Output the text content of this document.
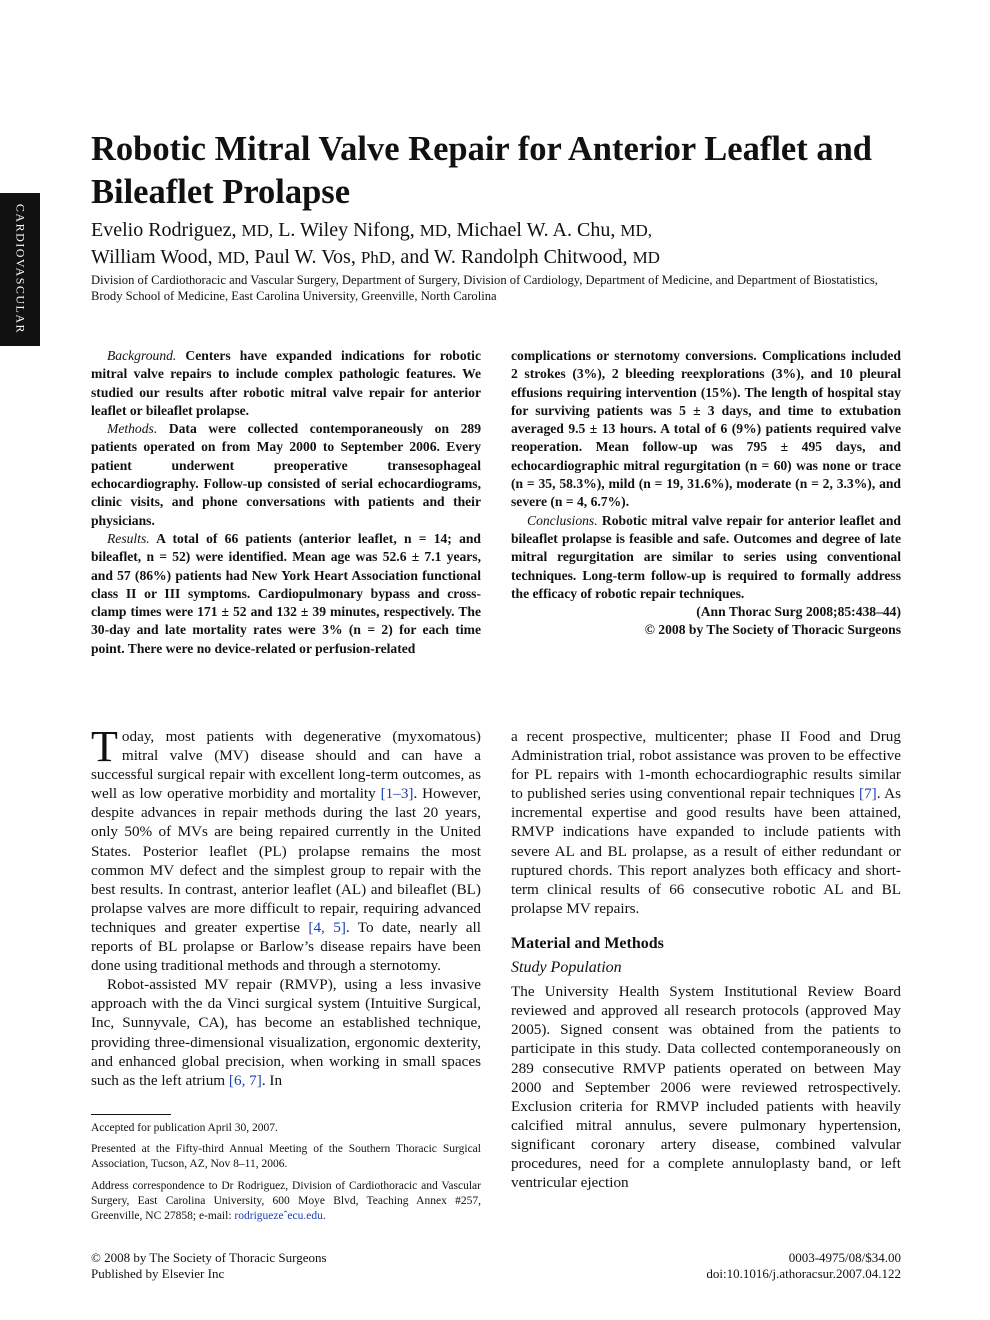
CARDIOVASCULAR
Robotic Mitral Valve Repair for Anterior Leaflet and Bileaflet Prolapse
Evelio Rodriguez, MD, L. Wiley Nifong, MD, Michael W. A. Chu, MD,
William Wood, MD, Paul W. Vos, PhD, and W. Randolph Chitwood, MD
Division of Cardiothoracic and Vascular Surgery, Department of Surgery, Division of Cardiology, Department of Medicine, and Department of Biostatistics, Brody School of Medicine, East Carolina University, Greenville, North Carolina

Background. Centers have expanded indications for robotic mitral valve repairs to include complex pathologic features. We studied our results after robotic mitral valve repair for anterior leaflet or bileaflet prolapse.

Methods. Data were collected contemporaneously on 289 patients operated on from May 2000 to September 2006. Every patient underwent preoperative transesophageal echocardiography. Follow-up consisted of serial echocardiograms, clinic visits, and phone conversations with patients and their physicians.

Results. A total of 66 patients (anterior leaflet, n = 14; and bileaflet, n = 52) were identified. Mean age was 52.6 ± 7.1 years, and 57 (86%) patients had New York Heart Association functional class II or III symptoms. Cardiopulmonary bypass and cross-clamp times were 171 ± 52 and 132 ± 39 minutes, respectively. The 30-day and late mortality rates were 3% (n = 2) for each time point. There were no device-related or perfusion-related

complications or sternotomy conversions. Complications included 2 strokes (3%), 2 bleeding reexplorations (3%), and 10 pleural effusions requiring intervention (15%). The length of hospital stay for surviving patients was 5 ± 3 days, and time to extubation averaged 9.5 ± 13 hours. A total of 6 (9%) patients required valve reoperation. Mean follow-up was 795 ± 495 days, and echocardiographic mitral regurgitation (n = 60) was none or trace (n = 35, 58.3%), mild (n = 19, 31.6%), moderate (n = 2, 3.3%), and severe (n = 4, 6.7%).

Conclusions. Robotic mitral valve repair for anterior leaflet and bileaflet prolapse is feasible and safe. Outcomes and degree of late mitral regurgitation are similar to series using conventional techniques. Long-term follow-up is required to formally address the efficacy of robotic repair techniques.

(Ann Thorac Surg 2008;85:438–44)

© 2008 by The Society of Thoracic Surgeons

Today, most patients with degenerative (myxomatous) mitral valve (MV) disease should and can have a successful surgical repair with excellent long-term outcomes, as well as low operative morbidity and mortality [1–3]. However, despite advances in repair methods during the last 20 years, only 50% of MVs are being repaired currently in the United States. Posterior leaflet (PL) prolapse remains the most common MV defect and the simplest group to repair with the best results. In contrast, anterior leaflet (AL) and bileaflet (BL) prolapse valves are more difficult to repair, requiring advanced techniques and greater expertise [4, 5]. To date, nearly all reports of BL prolapse or Barlow’s disease repairs have been done using traditional methods and through a sternotomy.

Robot-assisted MV repair (RMVP), using a less invasive approach with the da Vinci surgical system (Intuitive Surgical, Inc, Sunnyvale, CA), has become an established technique, providing three-dimensional visualization, ergonomic dexterity, and enhanced global precision, when working in small spaces such as the left atrium [6, 7]. In

a recent prospective, multicenter; phase II Food and Drug Administration trial, robot assistance was proven to be effective for PL repairs with 1-month echocardiographic results similar to published series using conventional repair techniques [7]. As incremental expertise and good results have been attained, RMVP indications have expanded to include patients with severe AL and BL prolapse, as a result of either redundant or ruptured chords. This report analyzes both efficacy and short-term clinical results of 66 consecutive robotic AL and BL prolapse MV repairs.

Material and Methods
Study Population

The University Health System Institutional Review Board reviewed and approved all research protocols (approved May 2005). Signed consent was obtained from the patients to participate in this study. Data collected contemporaneously on 289 consecutive RMVP patients operated on between May 2000 and September 2006 were reviewed retrospectively. Exclusion criteria for RMVP included patients with heavily calcified mitral annulus, severe pulmonary hypertension, significant coronary artery disease, combined valvular procedures, need for a complete annuloplasty band, or left ventricular ejection

Accepted for publication April 30, 2007.

Presented at the Fifty-third Annual Meeting of the Southern Thoracic Surgical Association, Tucson, AZ, Nov 8–11, 2006.

Address correspondence to Dr Rodriguez, Division of Cardiothoracic and Vascular Surgery, East Carolina University, 600 Moye Blvd, Teaching Annex #257, Greenville, NC 27858; e-mail: rodriguezeˆecu.edu.

© 2008 by The Society of Thoracic Surgeons
Published by Elsevier Inc
0003-4975/08/$34.00
doi:10.1016/j.athoracsur.2007.04.122
